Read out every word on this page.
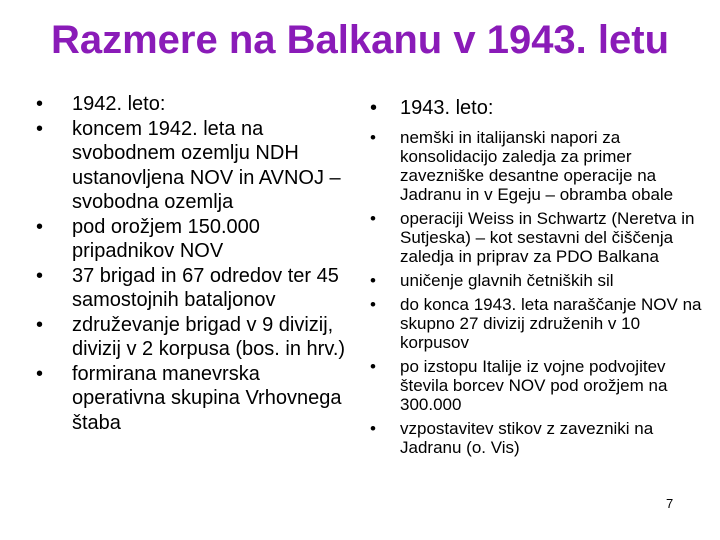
Razmere na Balkanu v 1943. letu
• 1942. leto:
• koncem 1942. leta na svobodnem ozemlju NDH ustanovljena NOV in AVNOJ – svobodna ozemlja
• pod orožjem 150.000 pripadnikov NOV
• 37 brigad in 67 odredov ter 45 samostojnih bataljonov
• združevanje brigad v 9 divizij, divizij v 2 korpusa (bos. in hrv.)
• formirana manevrska operativna skupina Vrhovnega štaba
• 1943. leto:
• nemški in italijanski napori za konsolidacijo zaledja za primer zavezniške desantne operacije na Jadranu in v Egeju – obramba obale
• operaciji Weiss in Schwartz (Neretva in Sutjeska) – kot sestavni del čiščenja zaledja in priprav za PDO Balkana
• uničenje glavnih četniških sil
• do konca 1943. leta naraščanje NOV na skupno 27 divizij združenih v 10 korpusov
• po izstopu Italije iz vojne podvojitev števila borcev NOV pod orožjem na 300.000
• vzpostavitev stikov z zavezniki na Jadranu (o. Vis)
7
